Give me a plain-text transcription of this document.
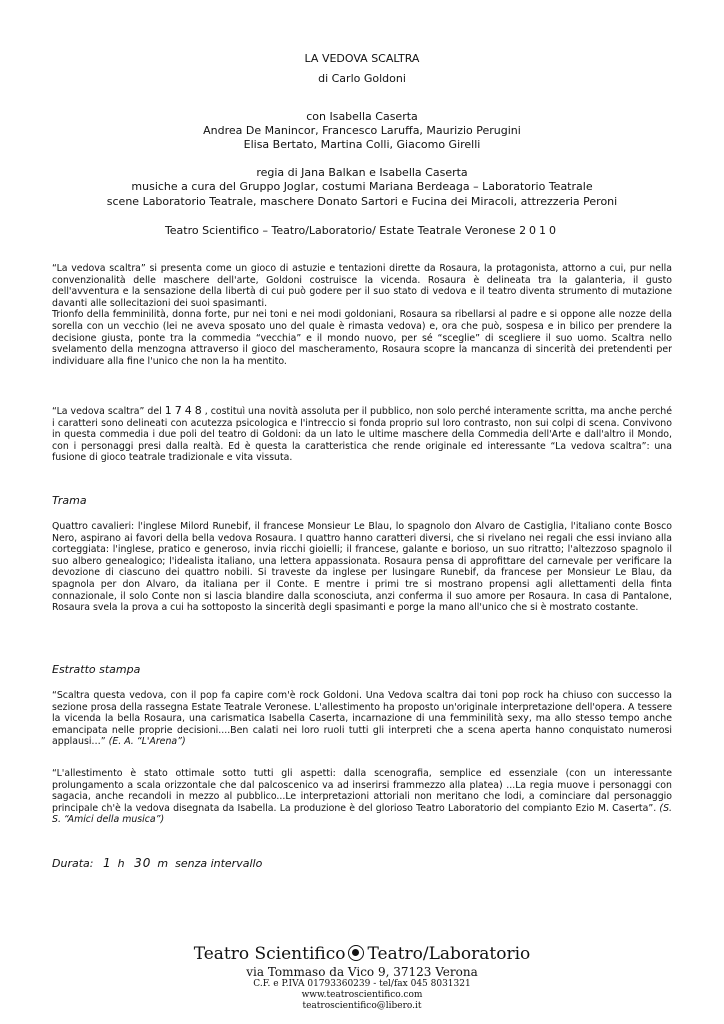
LA VEDOVA SCALTRA
di Carlo Goldoni
con Isabella Caserta
Andrea De Manincor, Francesco Laruffa, Maurizio Perugini
Elisa Bertato, Martina Colli, Giacomo Girelli
regia di Jana Balkan e Isabella Caserta
musiche a cura del Gruppo Joglar, costumi Mariana Berdeaga – Laboratorio Teatrale
scene Laboratorio Teatrale, maschere Donato Sartori e Fucina dei Miracoli, attrezzeria Peroni
Teatro Scientifico – Teatro/Laboratorio/ Estate Teatrale Veronese 2010

“La vedova scaltra” si presenta come un gioco di astuzie e tentazioni dirette da Rosaura, la protagonista, attorno a cui, pur nella convenzionalità delle maschere dell'arte, Goldoni costruisce la vicenda. Rosaura è delineata tra la galanteria, il gusto dell'avventura e la sensazione della libertà di cui può godere per il suo stato di vedova e il teatro diventa strumento di mutazione davanti alle sollecitazioni dei suoi spasimanti.

Trionfo della femminilità, donna forte, pur nei toni e nei modi goldoniani, Rosaura sa ribellarsi al padre e si oppone alle nozze della sorella con un vecchio (lei ne aveva sposato uno del quale è rimasta vedova) e, ora che può, sospesa e in bilico per prendere la decisione giusta, ponte tra la commedia “vecchia” e il mondo nuovo, per sé “sceglie” di scegliere il suo uomo. Scaltra nello svelamento della menzogna attraverso il gioco del mascheramento, Rosaura scopre la mancanza di sincerità dei pretendenti per individuare alla fine l'unico che non la ha mentito.

“La vedova scaltra” del 1748, costituì una novità assoluta per il pubblico, non solo perché interamente scritta, ma anche perché i caratteri sono delineati con acutezza psicologica e l'intreccio si fonda proprio sul loro contrasto, non sui colpi di scena. Convivono in questa commedia i due poli del teatro di Goldoni: da un lato le ultime maschere della Commedia dell'Arte e dall'altro il Mondo, con i personaggi presi dalla realtà. Ed è questa la caratteristica che rende originale ed interessante “La vedova scaltra”: una fusione di gioco teatrale tradizionale e vita vissuta.

Trama

Quattro cavalieri: l'inglese Milord Runebif, il francese Monsieur Le Blau, lo spagnolo don Alvaro de Castiglia, l'italiano conte Bosco Nero, aspirano ai favori della bella vedova Rosaura. I quattro hanno caratteri diversi, che si rivelano nei regali che essi inviano alla corteggiata: l'inglese, pratico e generoso, invia ricchi gioielli; il francese, galante e borioso, un suo ritratto; l'altezzoso spagnolo il suo albero genealogico; l'idealista italiano, una lettera appassionata. Rosaura pensa di approfittare del carnevale per verificare la devozione di ciascuno dei quattro nobili. Si traveste da inglese per lusingare Runebif, da francese per Monsieur Le Blau, da spagnola per don Alvaro, da italiana per il Conte. E mentre i primi tre si mostrano propensi agli allettamenti della finta connazionale, il solo Conte non si lascia blandire dalla sconosciuta, anzi conferma il suo amore per Rosaura. In casa di Pantalone, Rosaura svela la prova a cui ha sottoposto la sincerità degli spasimanti e porge la mano all'unico che si è mostrato costante.

Estratto stampa

“Scaltra questa vedova, con il pop fa capire com'è rock Goldoni. Una Vedova scaltra dai toni pop rock ha chiuso con successo la sezione prosa della rassegna Estate Teatrale Veronese. L'allestimento ha proposto un'originale interpretazione dell'opera. A tessere la vicenda la bella Rosaura, una carismatica Isabella Caserta, incarnazione di una femminilità sexy, ma allo stesso tempo anche emancipata nelle proprie decisioni....Ben calati nei loro ruoli tutti gli interpreti che a scena aperta hanno conquistato numerosi applausi…” (E. A. “L'Arena”)

“L'allestimento è stato ottimale sotto tutti gli aspetti: dalla scenografia, semplice ed essenziale (con un interessante prolungamento a scala orizzontale che dal palcoscenico va ad inserirsi frammezzo alla platea) ...La regia muove i personaggi con sagacia, anche recandoli in mezzo al pubblico...Le interpretazioni attoriali non meritano che lodi, a cominciare dal personaggio principale ch'è la vedova disegnata da Isabella. La produzione è del glorioso Teatro Laboratorio del compianto Ezio M. Caserta”. (S. S. “Amici della musica”)

Durata: 1 h 30 m senza intervallo
Teatro Scientifico Teatro/Laboratorio
via Tommaso da Vico 9, 37123 Verona
C.F. e P.IVA 01793360239 - tel/fax 045 8031321
www.teatroscientifico.com
teatroscientifico@libero.it
